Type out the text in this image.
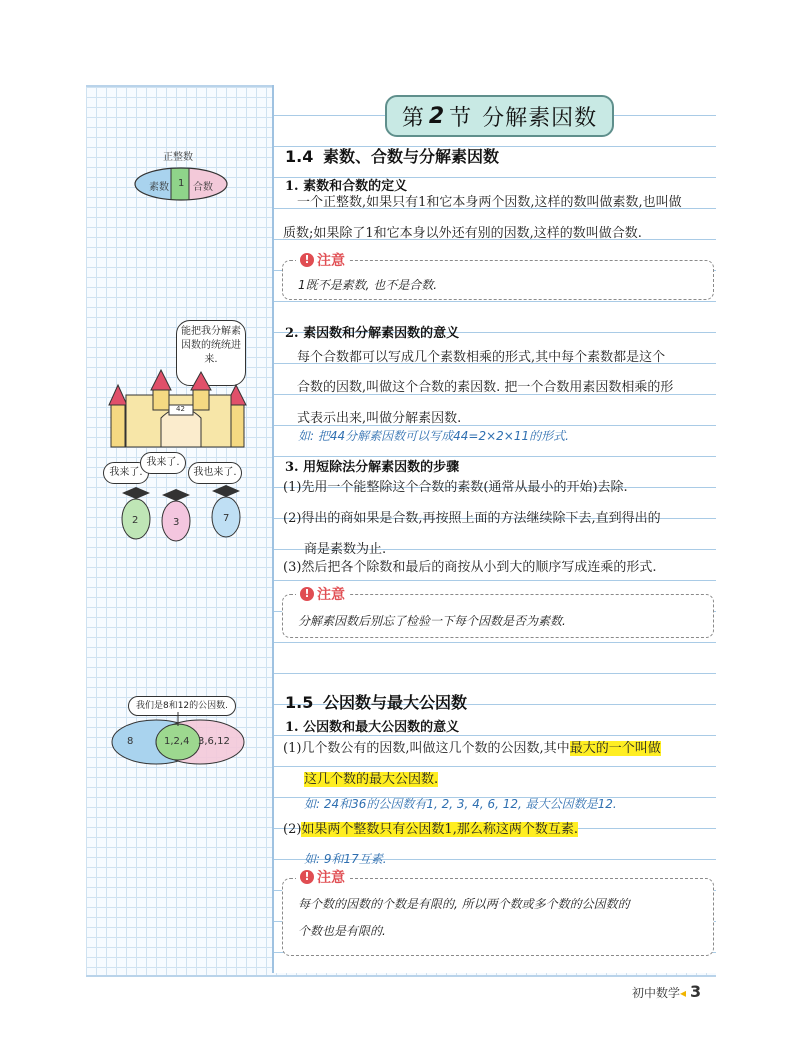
第 2 节 分解素因数
正整数
素数 1 合数
能把我分解素因数的统统进来.
42
我来了.
我来了.
我也来了.
2	3	7
我们是8和12的公因数.
8	1,2,4 3,6,12
1.4 素数、合数与分解素因数
1. 素数和合数的定义
一个正整数,如果只有1和它本身两个因数,这样的数叫做素数,也叫做
质数;如果除了1和它本身以外还有别的因数,这样的数叫做合数.
! 注意
1既不是素数, 也不是合数.
2. 素因数和分解素因数的意义
每个合数都可以写成几个素数相乘的形式,其中每个素数都是这个
合数的因数,叫做这个合数的素因数. 把一个合数用素因数相乘的形
式表示出来,叫做分解素因数.
如: 把44分解素因数可以写成44=2×2×11的形式.
3. 用短除法分解素因数的步骤
(1)先用一个能整除这个合数的素数(通常从最小的开始)去除.
(2)得出的商如果是合数,再按照上面的方法继续除下去,直到得出的
商是素数为止.
(3)然后把各个除数和最后的商按从小到大的顺序写成连乘的形式.
! 注意
分解素因数后别忘了检验一下每个因数是否为素数.
1.5 公因数与最大公因数
1. 公因数和最大公因数的意义
(1)几个数公有的因数,叫做这几个数的公因数,其中最大的一个叫做
这几个数的最大公因数.
如: 24和36的公因数有1, 2, 3, 4, 6, 12, 最大公因数是12.
(2)如果两个整数只有公因数1,那么称这两个数互素.
如: 9和17互素.
! 注意
每个数的因数的个数是有限的, 所以两个数或多个数的公因数的
个数也是有限的.
初中数学◂ 3
